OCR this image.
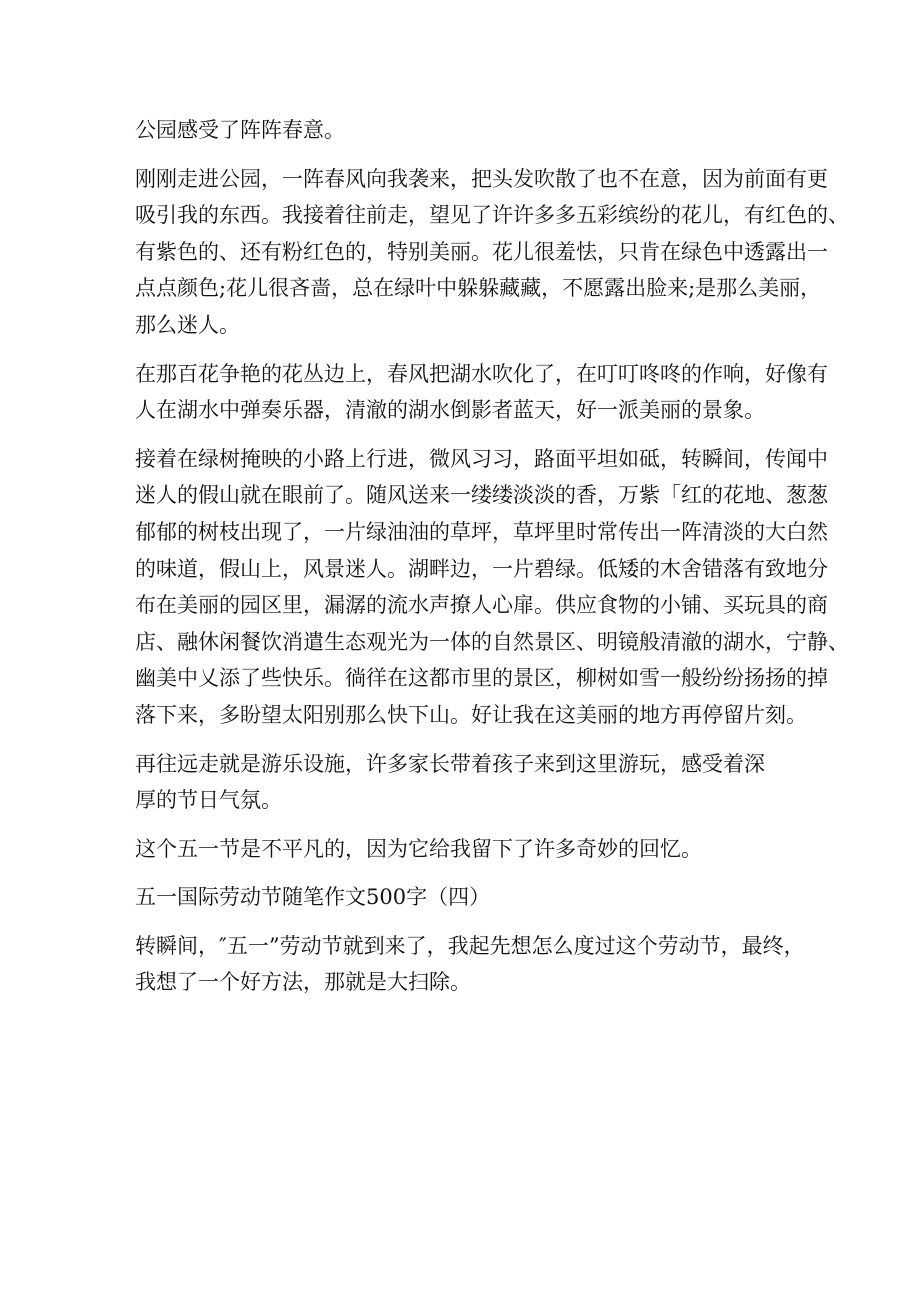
公园感受了阵阵春意。

刚刚走进公园，一阵春风向我袭来，把头发吹散了也不在意，因为前面有更
吸引我的东西。我接着往前走，望见了许许多多五彩缤纷的花儿，有红色的、
有紫色的、还有粉红色的，特别美丽。花儿很羞怯，只肯在绿色中透露出一
点点颜色;花儿很吝啬，总在绿叶中躲躲藏藏，不愿露出脸来;是那么美丽，
那么迷人。

在那百花争艳的花丛边上，春风把湖水吹化了，在叮叮咚咚的作响，好像有
人在湖水中弹奏乐器，清澈的湖水倒影者蓝天，好一派美丽的景象。

接着在绿树掩映的小路上行进，微风习习，路面平坦如砥，转瞬间，传闻中
迷人的假山就在眼前了。随风送来一缕缕淡淡的香，万紫「红的花地、葱葱
郁郁的树枝出现了，一片绿油油的草坪，草坪里时常传出一阵清淡的大白然
的味道，假山上，风景迷人。湖畔边，一片碧绿。低矮的木舍错落有致地分
布在美丽的园区里，漏潺的流水声撩人心扉。供应食物的小铺、买玩具的商
店、融休闲餐饮消遣生态观光为一体的自然景区、明镜般清澈的湖水，宁静、
幽美中乂添了些快乐。徜徉在这都市里的景区，柳树如雪一般纷纷扬扬的掉
落下来，多盼望太阳别那么快下山。好让我在这美丽的地方再停留片刻。

再往远走就是游乐设施，许多家长带着孩子来到这里游玩，感受着深
厚的节日气氛。

这个五一节是不平凡的，因为它给我留下了许多奇妙的回忆。

五一国际劳动节随笔作文500字（四）

转瞬间，″五一”劳动节就到来了，我起先想怎么度过这个劳动节，最终，
我想了一个好方法，那就是大扫除。
